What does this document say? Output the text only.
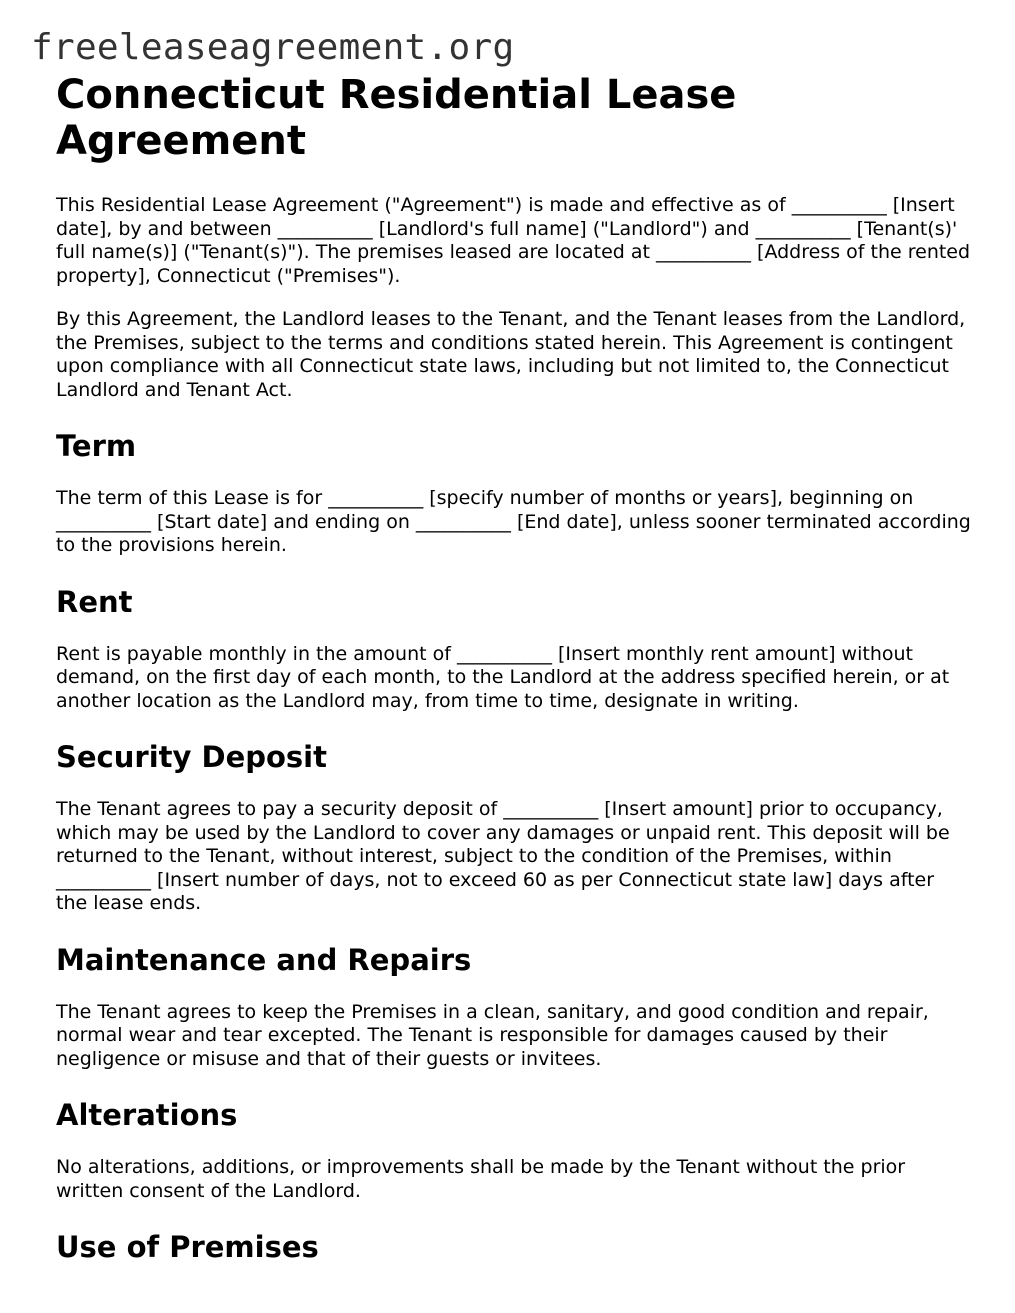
freeleaseagreement.org
Connecticut Residential Lease Agreement

This Residential Lease Agreement ("Agreement") is made and effective as of __________ [Insert date], by and between __________ [Landlord's full name] ("Landlord") and __________ [Tenant(s)' full name(s)] ("Tenant(s)"). The premises leased are located at __________ [Address of the rented property], Connecticut ("Premises").

By this Agreement, the Landlord leases to the Tenant, and the Tenant leases from the Landlord, the Premises, subject to the terms and conditions stated herein. This Agreement is contingent upon compliance with all Connecticut state laws, including but not limited to, the Connecticut Landlord and Tenant Act.

Term

The term of this Lease is for __________ [specify number of months or years], beginning on __________ [Start date] and ending on __________ [End date], unless sooner terminated according to the provisions herein.

Rent

Rent is payable monthly in the amount of __________ [Insert monthly rent amount] without demand, on the first day of each month, to the Landlord at the address specified herein, or at another location as the Landlord may, from time to time, designate in writing.

Security Deposit

The Tenant agrees to pay a security deposit of __________ [Insert amount] prior to occupancy, which may be used by the Landlord to cover any damages or unpaid rent. This deposit will be returned to the Tenant, without interest, subject to the condition of the Premises, within __________ [Insert number of days, not to exceed 60 as per Connecticut state law] days after the lease ends.

Maintenance and Repairs

The Tenant agrees to keep the Premises in a clean, sanitary, and good condition and repair, normal wear and tear excepted. The Tenant is responsible for damages caused by their negligence or misuse and that of their guests or invitees.

Alterations

No alterations, additions, or improvements shall be made by the Tenant without the prior written consent of the Landlord.

Use of Premises
